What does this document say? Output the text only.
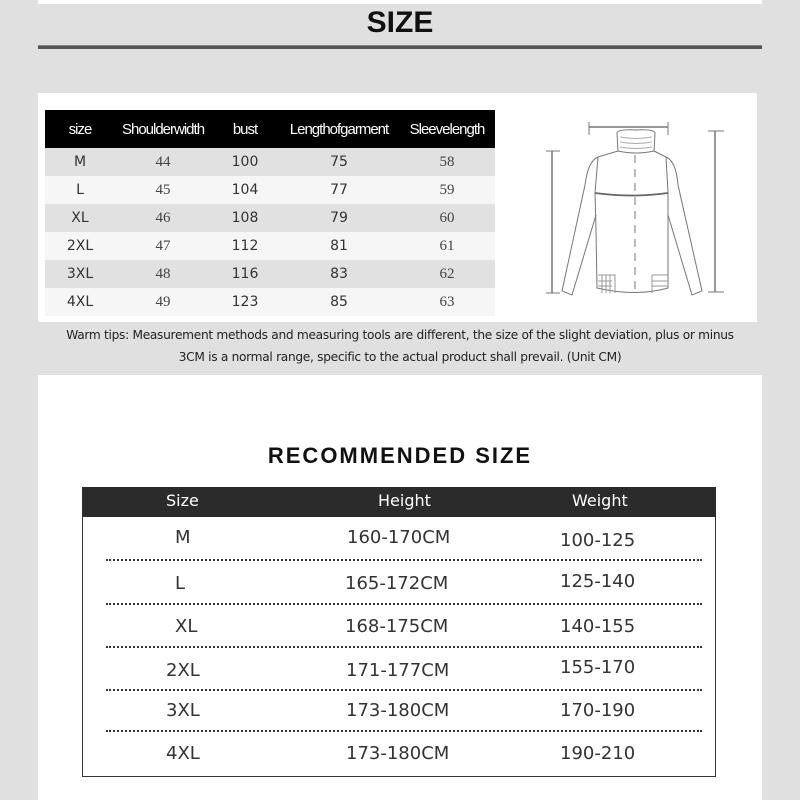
SIZE
size	Shoulderwidth	bust	Lengthofgarment	Sleevelength
M	44	100	75	58
L	45	104	77	59
XL	46	108	79	60
2XL	47	112	81	61
3XL	48	116	83	62
4XL	49	123	85	63
Warm tips: Measurement methods and measuring tools are different, the size of the slight deviation, plus or minus
3CM is a normal range, specific to the actual product shall prevail. (Unit CM)
RECOMMENDED SIZE
Size	Height	Weight
M	160-170CM	100-125
L	165-172CM	125-140
XL	168-175CM	140-155
2XL	171-177CM	155-170
3XL	173-180CM	170-190
4XL	173-180CM	190-210
